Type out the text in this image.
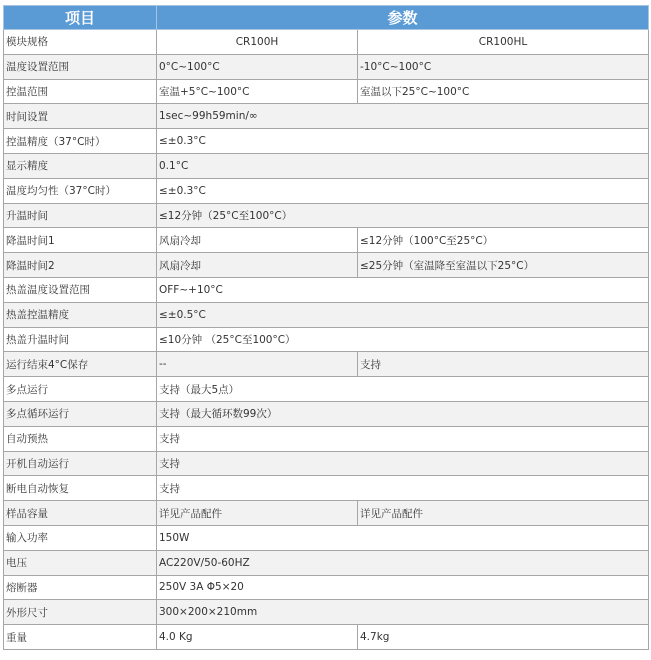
项目	参数	
模块规格	CR100H	CR100HL
温度设置范围	0°C~100°C	-10°C~100°C
控温范围	室温+5°C~100°C	室温以下25°C~100°C
时间设置	1sec~99h59min/∞	
控温精度（37°C时）	≤±0.3°C	
显示精度	0.1°C	
温度均匀性（37°C时）	≤±0.3°C	
升温时间	≤12分钟（25°C至100°C）	
降温时间1	风扇冷却	≤12分钟（100°C至25°C）
降温时间2	风扇冷却	≤25分钟（室温降至室温以下25°C）
热盖温度设置范围	OFF~+10°C	
热盖控温精度	≤±0.5°C	
热盖升温时间	≤10分钟 （25°C至100°C）	
运行结束4°C保存	--	支持
多点运行	支持（最大5点）	
多点循环运行	支持（最大循环数99次）	
自动预热	支持	
开机自动运行	支持	
断电自动恢复	支持	
样品容量	详见产品配件	详见产品配件
输入功率	150W	
电压	AC220V/50-60HZ	
熔断器	250V 3A Φ5×20	
外形尺寸	300×200×210mm	
重量	4.0 Kg	4.7kg
